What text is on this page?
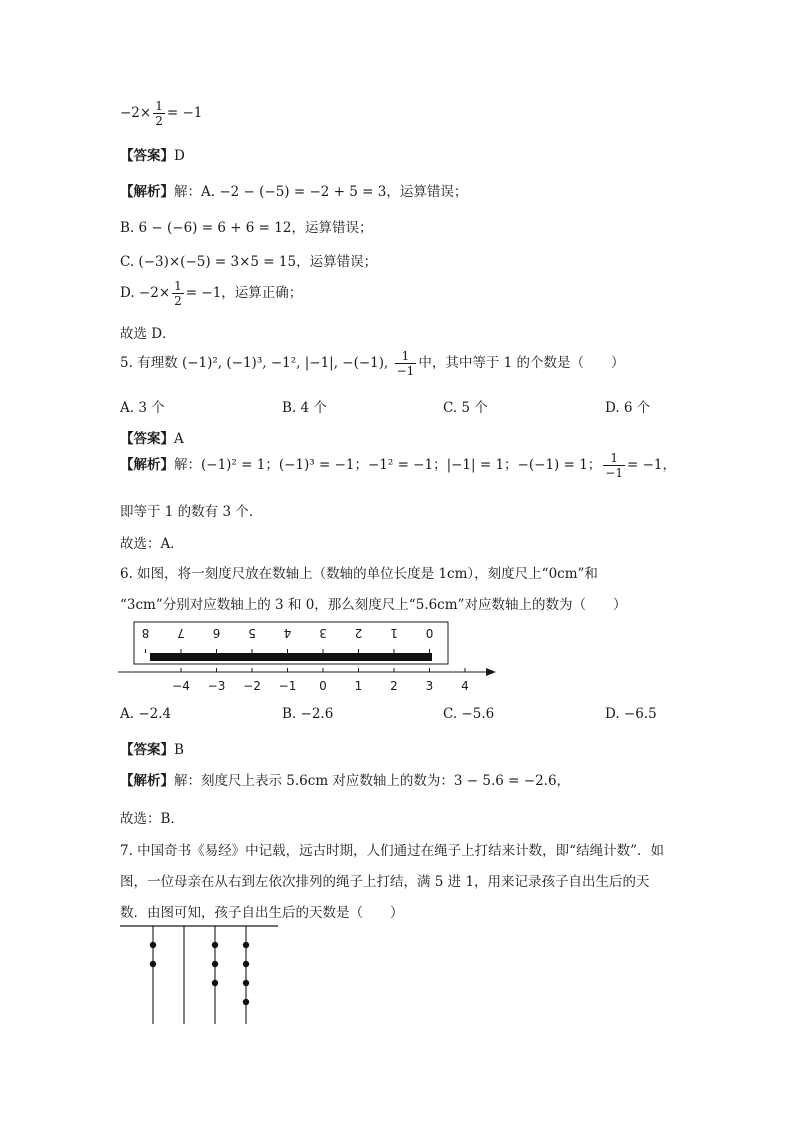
$-2\times \frac{1}{2} = -1$
【答案】D
【解析】解：A. −2 − (−5) = −2 + 5 = 3，运算错误；
B. 6 − (−6) = 6 + 6 = 12，运算错误；
C. (−3)×(−5) = 3×5 = 15，运算错误；
D. $-2\times \frac{1}{2} = -1$，运算正确；
故选 D．
5. 有理数 (−1)², (−1)³, −1², |−1|, −(−1), $\frac{1}{-1}$ 中，其中等于 1 的个数是（　　）
A. 3 个	B. 4 个	C. 5 个	D. 6 个
【答案】A
【解析】解：(−1)² = 1；(−1)³ = −1；−1² = −1；|−1| = 1；−(−1) = 1； $\frac{1}{-1} = -1$，
即等于 1 的数有 3 个．
故选：A．
6. 如图，将一刻度尺放在数轴上（数轴的单位长度是 1cm），刻度尺上“0cm”和
“3cm”分别对应数轴上的 3 和 0，那么刻度尺上“5.6cm”对应数轴上的数为（　　）
8 7 6 5 4 3 2 1 0
−4 −3 −2 −1 0 1 2 3 4
A. −2.4	B. −2.6	C. −5.6	D. −6.5
【答案】B
【解析】解：刻度尺上表示 5.6cm 对应数轴上的数为：3 − 5.6 = −2.6，
故选：B．
7. 中国奇书《易经》中记载，远古时期，人们通过在绳子上打结来计数，即“结绳计数”．如
图，一位母亲在从右到左依次排列的绳子上打结，满 5 进 1，用来记录孩子自出生后的天
数．由图可知，孩子自出生后的天数是（　　）
